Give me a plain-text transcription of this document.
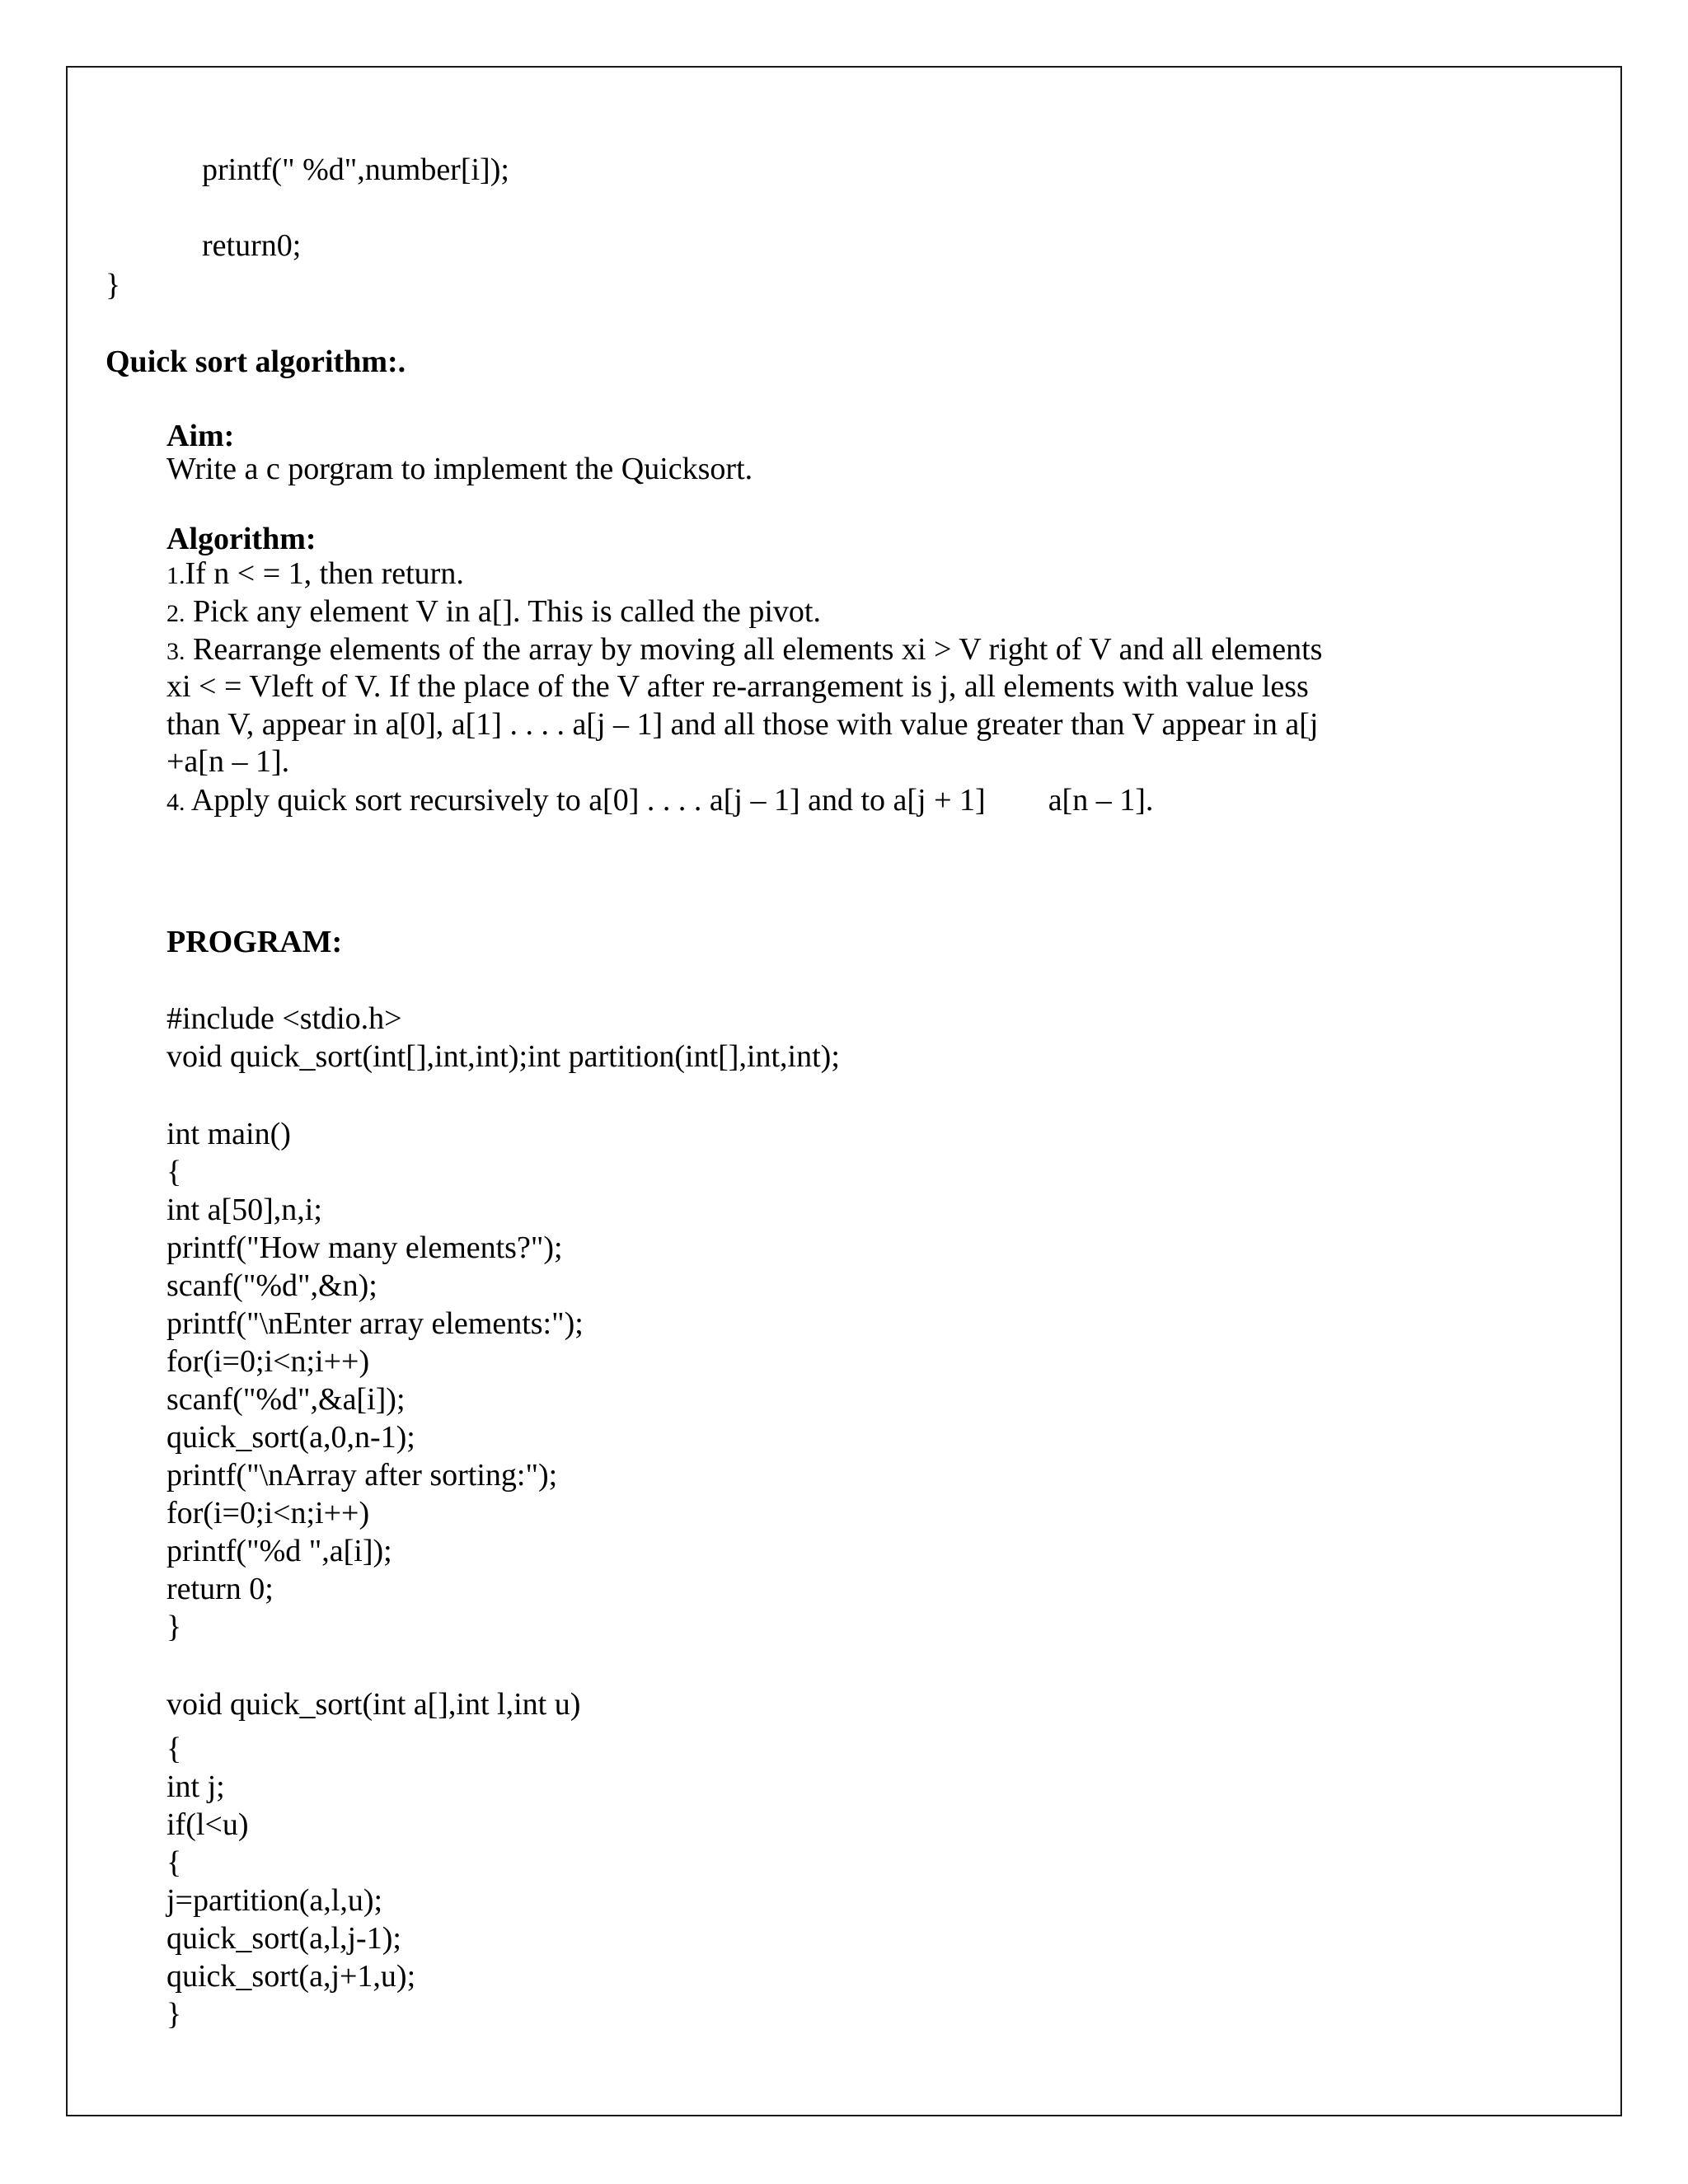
printf(" %d",number[i]);
return0;
}
Quick sort algorithm:.
Aim:
Write a c porgram to implement the Quicksort.
Algorithm:
1.If n < = 1, then return.
2. Pick any element V in a[]. This is called the pivot.
3. Rearrange elements of the array by moving all elements xi > V right of V and all elements
xi < = Vleft of V. If the place of the V after re-arrangement is j, all elements with value less
than V, appear in a[0], a[1] . . . . a[j – 1] and all those with value greater than V appear in a[j
+a[n – 1].
4. Apply quick sort recursively to a[0] . . . . a[j – 1] and to a[j + 1]        a[n – 1].
PROGRAM:
#include <stdio.h>
void quick_sort(int[],int,int);int partition(int[],int,int);
int main()
{
int a[50],n,i;
printf("How many elements?");
scanf("%d",&n);
printf("\nEnter array elements:");
for(i=0;i<n;i++)
scanf("%d",&a[i]);
quick_sort(a,0,n-1);
printf("\nArray after sorting:");
for(i=0;i<n;i++)
printf("%d ",a[i]);
return 0;
}
void quick_sort(int a[],int l,int u)
{
int j;
if(l<u)
{
j=partition(a,l,u);
quick_sort(a,l,j-1);
quick_sort(a,j+1,u);
}
